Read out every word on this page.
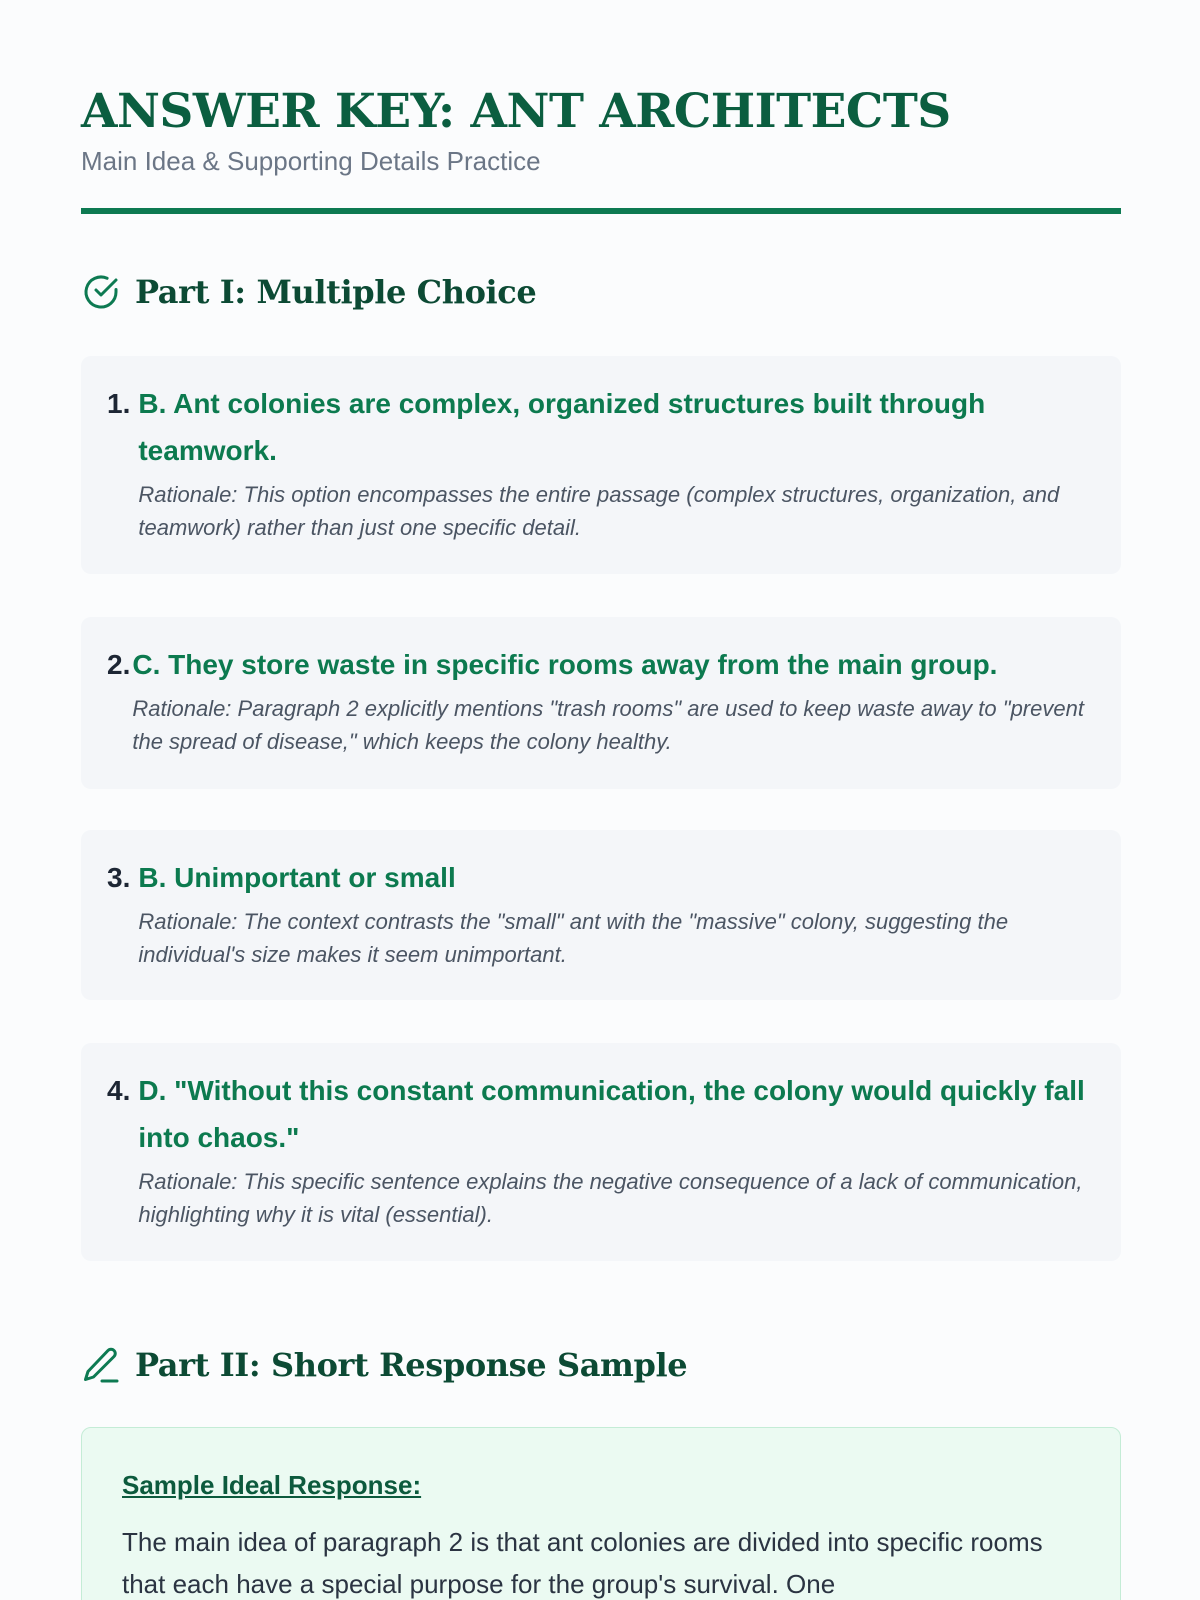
ANSWER KEY: ANT ARCHITECTS
Main Idea & Supporting Details Practice
Part I: Multiple Choice
1. B. Ant colonies are complex, organized structures built through teamwork.
Rationale: This option encompasses the entire passage (complex structures, organization, and teamwork) rather than just one specific detail.
2. C. They store waste in specific rooms away from the main group.
Rationale: Paragraph 2 explicitly mentions "trash rooms" are used to keep waste away to "prevent the spread of disease," which keeps the colony healthy.
3. B. Unimportant or small
Rationale: The context contrasts the "small" ant with the "massive" colony, suggesting the individual's size makes it seem unimportant.
4. D. "Without this constant communication, the colony would quickly fall into chaos."
Rationale: This specific sentence explains the negative consequence of a lack of communication, highlighting why it is vital (essential).
Part II: Short Response Sample
Sample Ideal Response:
The main idea of paragraph 2 is that ant colonies are divided into specific rooms that each have a special purpose for the group's survival. One
